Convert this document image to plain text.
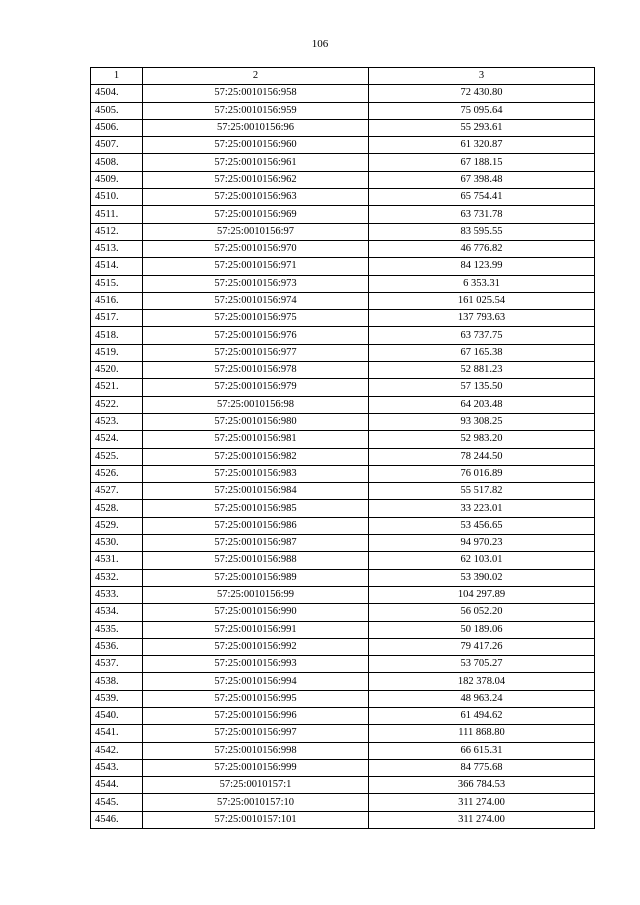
106
1	2	3
4504.	57:25:0010156:958	72 430.80
4505.	57:25:0010156:959	75 095.64
4506.	57:25:0010156:96	55 293.61
4507.	57:25:0010156:960	61 320.87
4508.	57:25:0010156:961	67 188.15
4509.	57:25:0010156:962	67 398.48
4510.	57:25:0010156:963	65 754.41
4511.	57:25:0010156:969	63 731.78
4512.	57:25:0010156:97	83 595.55
4513.	57:25:0010156:970	46 776.82
4514.	57:25:0010156:971	84 123.99
4515.	57:25:0010156:973	6 353.31
4516.	57:25:0010156:974	161 025.54
4517.	57:25:0010156:975	137 793.63
4518.	57:25:0010156:976	63 737.75
4519.	57:25:0010156:977	67 165.38
4520.	57:25:0010156:978	52 881.23
4521.	57:25:0010156:979	57 135.50
4522.	57:25:0010156:98	64 203.48
4523.	57:25:0010156:980	93 308.25
4524.	57:25:0010156:981	52 983.20
4525.	57:25:0010156:982	78 244.50
4526.	57:25:0010156:983	76 016.89
4527.	57:25:0010156:984	55 517.82
4528.	57:25:0010156:985	33 223.01
4529.	57:25:0010156:986	53 456.65
4530.	57:25:0010156:987	94 970.23
4531.	57:25:0010156:988	62 103.01
4532.	57:25:0010156:989	53 390.02
4533.	57:25:0010156:99	104 297.89
4534.	57:25:0010156:990	56 052.20
4535.	57:25:0010156:991	50 189.06
4536.	57:25:0010156:992	79 417.26
4537.	57:25:0010156:993	53 705.27
4538.	57:25:0010156:994	182 378.04
4539.	57:25:0010156:995	48 963.24
4540.	57:25:0010156:996	61 494.62
4541.	57:25:0010156:997	111 868.80
4542.	57:25:0010156:998	66 615.31
4543.	57:25:0010156:999	84 775.68
4544.	57:25:0010157:1	366 784.53
4545.	57:25:0010157:10	311 274.00
4546.	57:25:0010157:101	311 274.00
